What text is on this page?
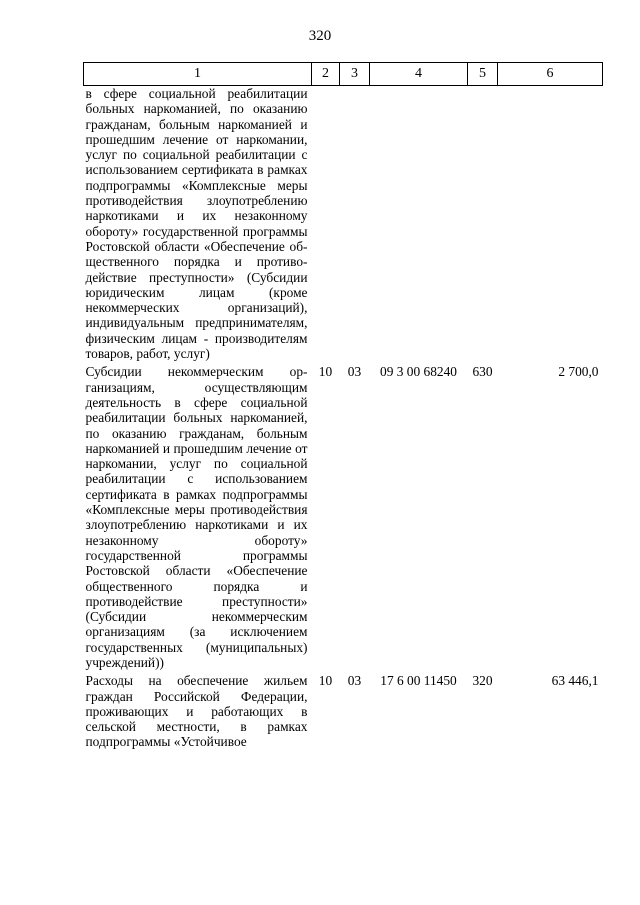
320
1	2	3	4	5	6
в сфере социальной реабилитации больных наркоманией, по оказанию гражданам, больным наркоманией и прошедшим лечение от наркомании, услуг по социальной реабилитации с использованием сертификата в рамках подпрограммы «Комплексные меры противодействия злоупотреблению наркотиками и их незаконному обороту» государственной программы Ростовской области «Обеспечение общественного порядка и противодействие преступности» (Субсидии юридическим лицам (кроме некоммерческих организаций), индивидуальным предпринимателям, физическим лицам - производителям товаров, работ, услуг)					
Субсидии некоммерческим организациям, осуществляющим деятельность в сфере социальной реабилитации больных наркоманией, по оказанию гражданам, больным наркоманией и прошедшим лечение от наркомании, услуг по социальной реабилитации с использованием сертификата в рамках подпрограммы «Комплексные меры противодействия злоупотреблению наркотиками и их незаконному обороту» государственной программы Ростовской области «Обеспечение общественного порядка и противодействие преступности» (Субсидии некоммерческим организациям (за исключением государственных (муниципальных) учреждений))	10	03	09 3 00 68240	630	2 700,0
Расходы на обеспечение жильем граждан Российской Федерации, проживающих и работающих в сельской местности, в рамках подпрограммы «Устойчивое	10	03	17 6 00 11450	320	63 446,1
